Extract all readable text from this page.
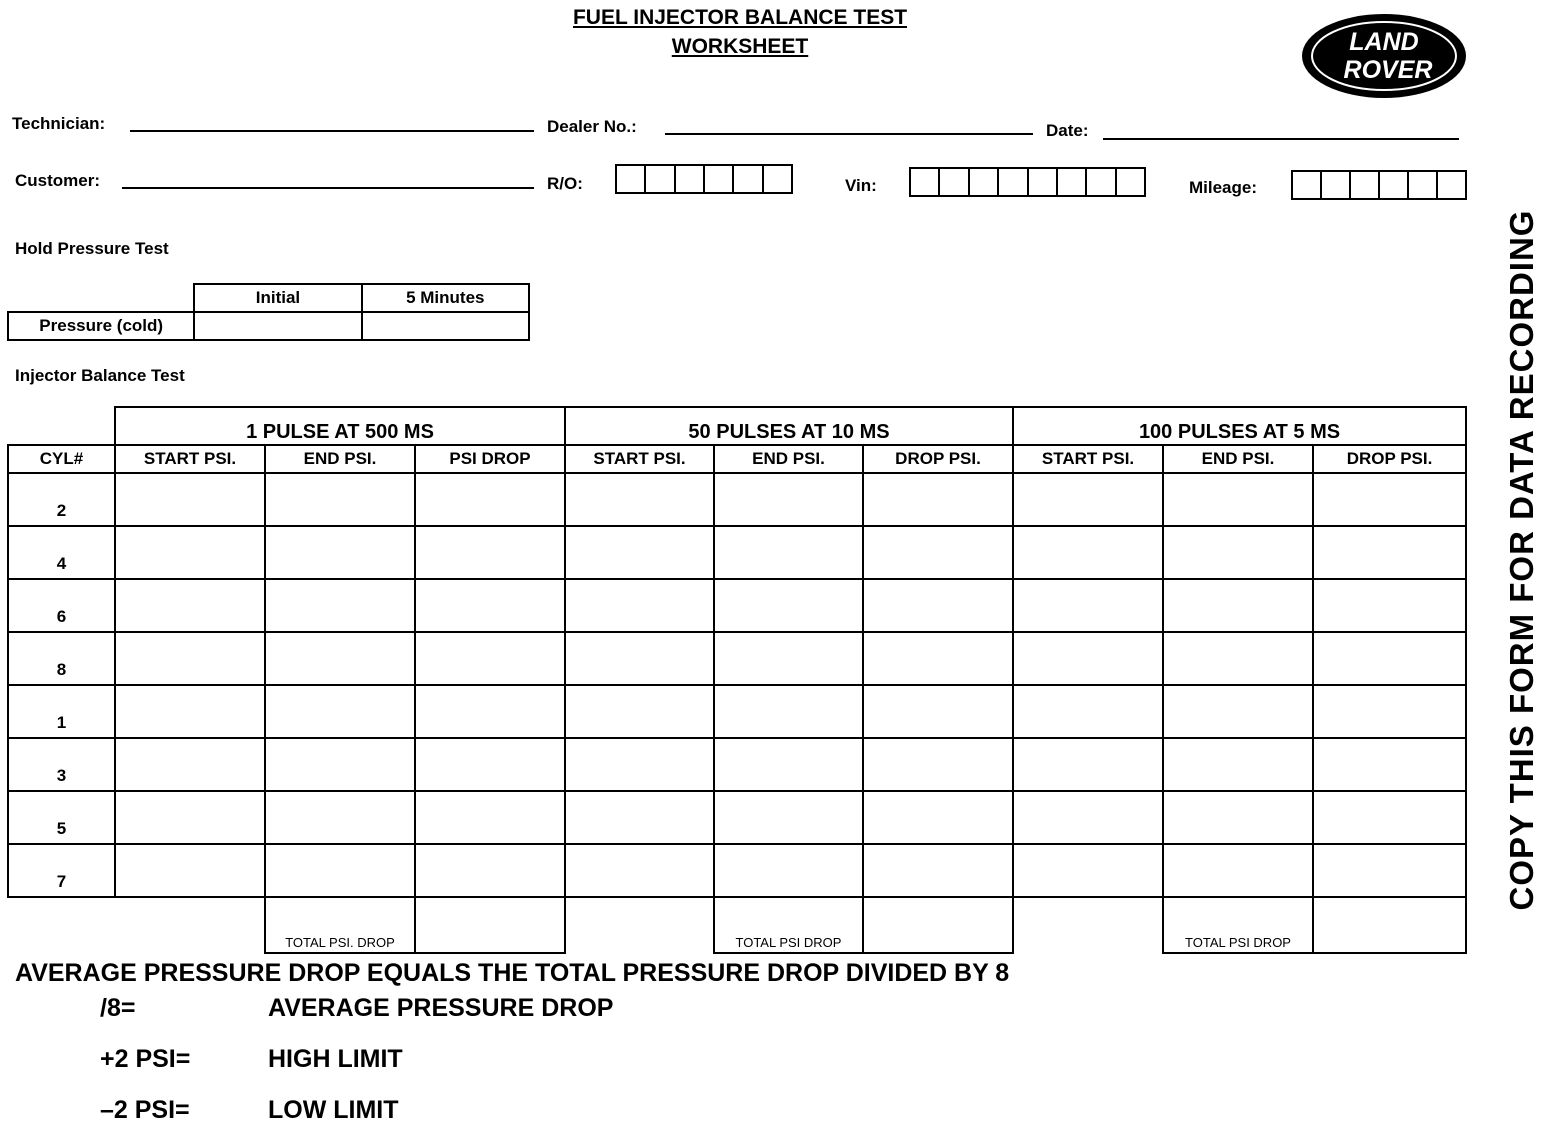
FUEL INJECTOR BALANCE TEST
WORKSHEET	LAND
ROVER
Technician:	Dealer No.:	Date:
Customer:	R/O:	Vin:	Mileage:
Hold Pressure Test
	Initial	5 Minutes
Pressure (cold)		
Injector Balance Test
	1 PULSE AT 500 MS			50 PULSES AT 10 MS			100 PULSES AT 5 MS		
CYL#	START PSI.	END PSI.	PSI DROP	START PSI.	END PSI.	DROP PSI.	START PSI.	END PSI.	DROP PSI.
2									
4									
6									
8									
1									
3									
5									
7									
		TOTAL PSI. DROP			TOTAL PSI DROP			TOTAL PSI DROP	
AVERAGE PRESSURE DROP EQUALS THE TOTAL PRESSURE DROP DIVIDED BY 8
/8=	AVERAGE PRESSURE DROP
+2 PSI=	HIGH LIMIT
–2 PSI=	LOW LIMIT
COPY THIS FORM FOR DATA RECORDING
